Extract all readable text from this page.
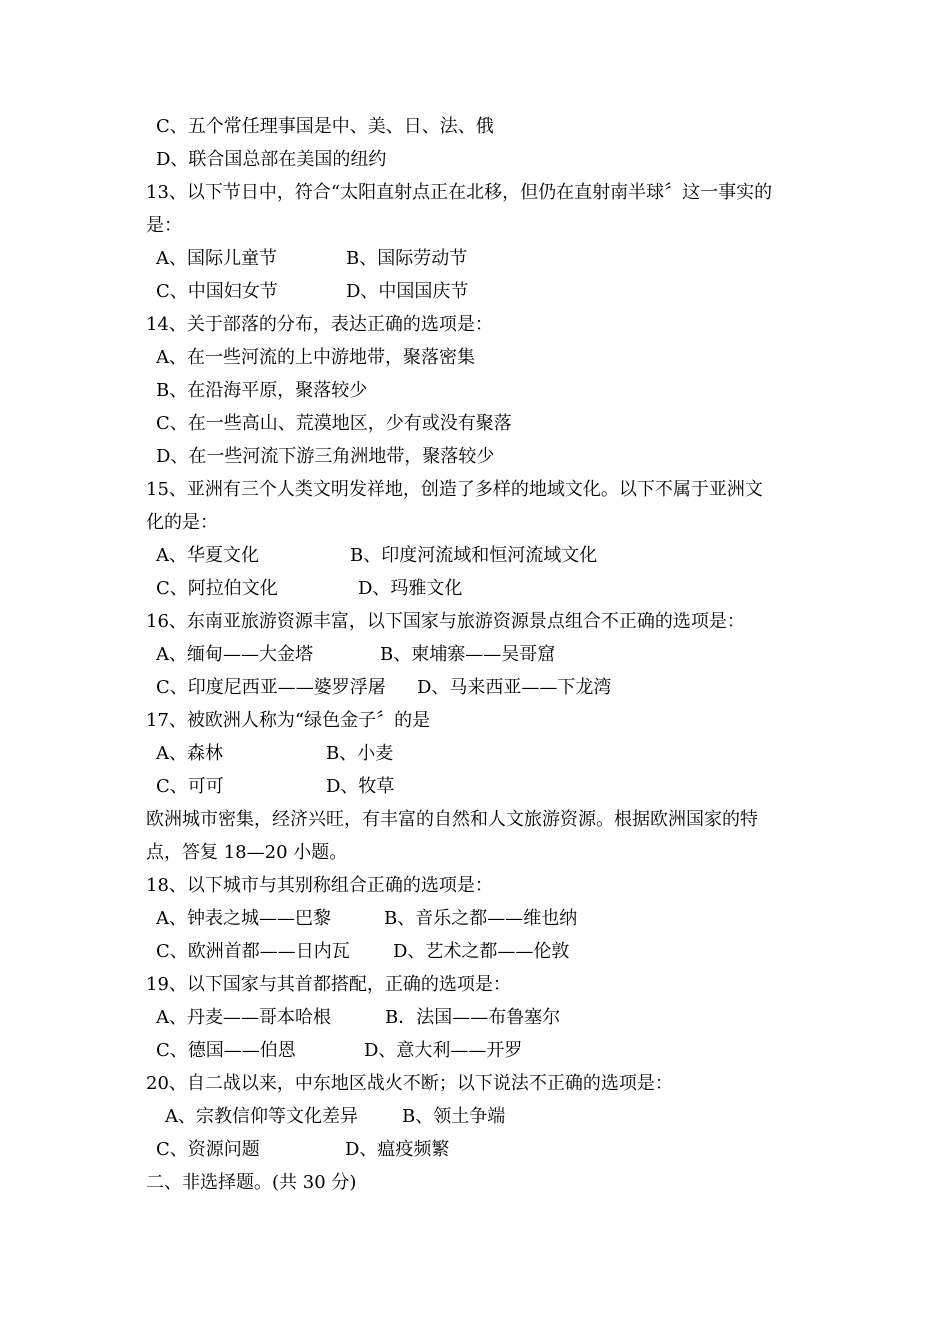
C、五个常任理事国是中、美、日、法、俄
D、联合国总部在美国的纽约
13、以下节日中，符合“太阳直射点正在北移，但仍在直射南半球〞这一事实的
是：
A、国际儿童节	B、国际劳动节
C、中国妇女节	D、中国国庆节
14、关于部落的分布，表达正确的选项是：
A、在一些河流的上中游地带，聚落密集
B、在沿海平原，聚落较少
C、在一些高山、荒漠地区，少有或没有聚落
D、在一些河流下游三角洲地带，聚落较少
15、亚洲有三个人类文明发祥地，创造了多样的地域文化。以下不属于亚洲文
化的是：
A、华夏文化	B、印度河流域和恒河流域文化
C、阿拉伯文化	D、玛雅文化
16、东南亚旅游资源丰富，以下国家与旅游资源景点组合不正确的选项是：
A、缅甸——大金塔	B、柬埔寨——吴哥窟
C、印度尼西亚——婆罗浮屠 D、马来西亚——下龙湾
17、被欧洲人称为“绿色金子〞的是
A、森林	B、小麦
C、可可	D、牧草
欧洲城市密集，经济兴旺，有丰富的自然和人文旅游资源。根据欧洲国家的特
点，答复 18—20 小题。
18、以下城市与其别称组合正确的选项是：
A、钟表之城——巴黎	B、音乐之都——维也纳
C、欧洲首都——日内瓦 D、艺术之都——伦敦
19、以下国家与其首都搭配，正确的选项是：
A、丹麦——哥本哈根	B．法国——布鲁塞尔
C、德国——伯恩	D、意大利——开罗
20、自二战以来，中东地区战火不断；以下说法不正确的选项是：
A、宗教信仰等文化差异 B、领土争端
C、资源问题	D、瘟疫频繁
二、非选择题。(共 30 分)
